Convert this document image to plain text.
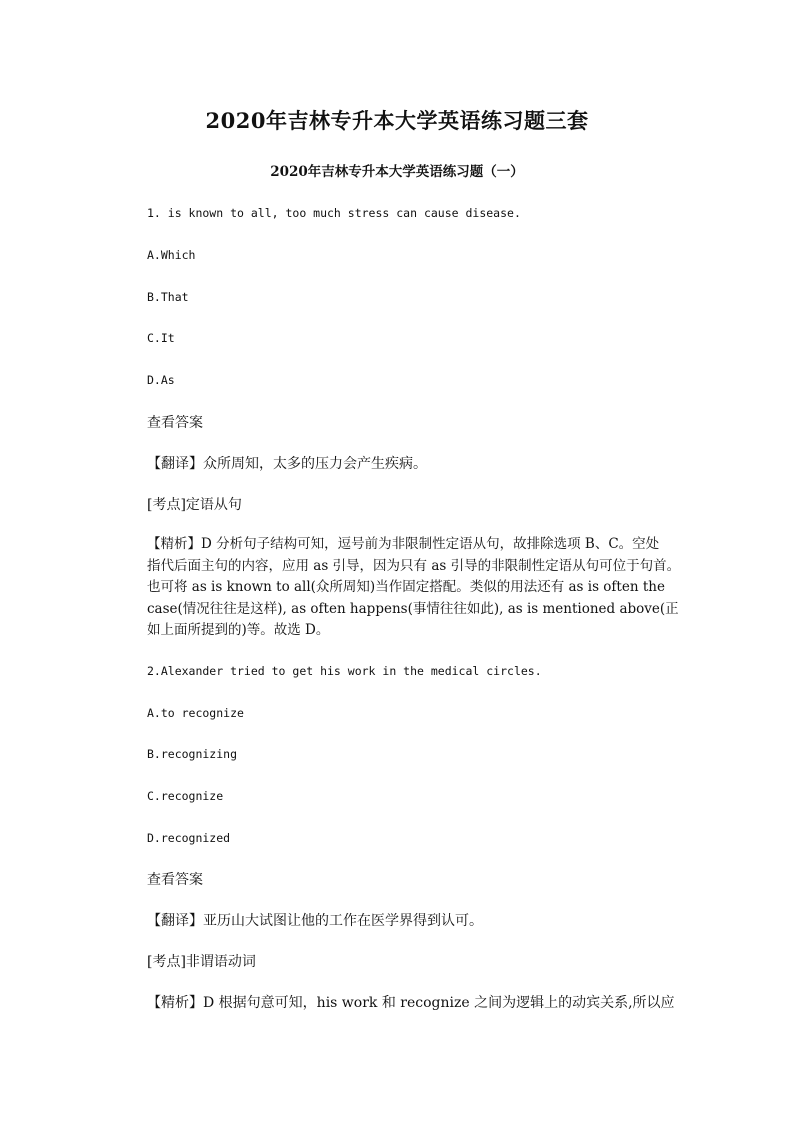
2020年吉林专升本大学英语练习题三套
2020年吉林专升本大学英语练习题（一）
1. is known to all, too much stress can cause disease.
A.Which
B.That
C.It
D.As
查看答案
【翻译】众所周知，太多的压力会产生疾病。
[考点]定语从句
【精析】D 分析句子结构可知，逗号前为非限制性定语从句，故排除选项 B、C。空处
指代后面主句的内容，应用 as 引导，因为只有 as 引导的非限制性定语从句可位于句首。
也可将 as is known to all(众所周知)当作固定搭配。类似的用法还有 as is often the
case(情况往往是这样), as often happens(事情往往如此), as is mentioned above(正
如上面所提到的)等。故选 D。
2.Alexander tried to get his work in the medical circles.
A.to recognize
B.recognizing
C.recognize
D.recognized
查看答案
【翻译】亚历山大试图让他的工作在医学界得到认可。
[考点]非谓语动词
【精析】D 根据句意可知，his work 和 recognize 之间为逻辑上的动宾关系,所以应
